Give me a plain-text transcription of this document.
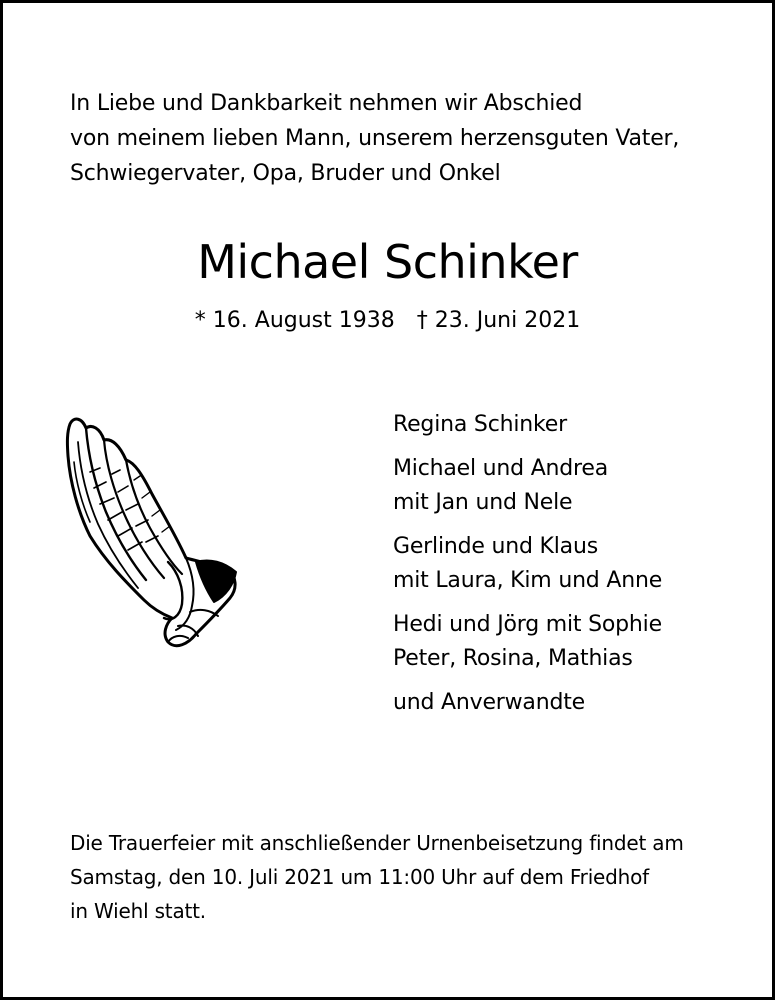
In Liebe und Dankbarkeit nehmen wir Abschied
von meinem lieben Mann, unserem herzensguten Vater,
Schwiegervater, Opa, Bruder und Onkel
Michael Schinker
* 16. August 1938 † 23. Juni 2021
Regina Schinker
Michael und Andrea
mit Jan und Nele
Gerlinde und Klaus
mit Laura, Kim und Anne
Hedi und Jörg mit Sophie
Peter, Rosina, Mathias
und Anverwandte
Die Trauerfeier mit anschließender Urnenbeisetzung findet am
Samstag, den 10. Juli 2021 um 11:00 Uhr auf dem Friedhof
in Wiehl statt.
